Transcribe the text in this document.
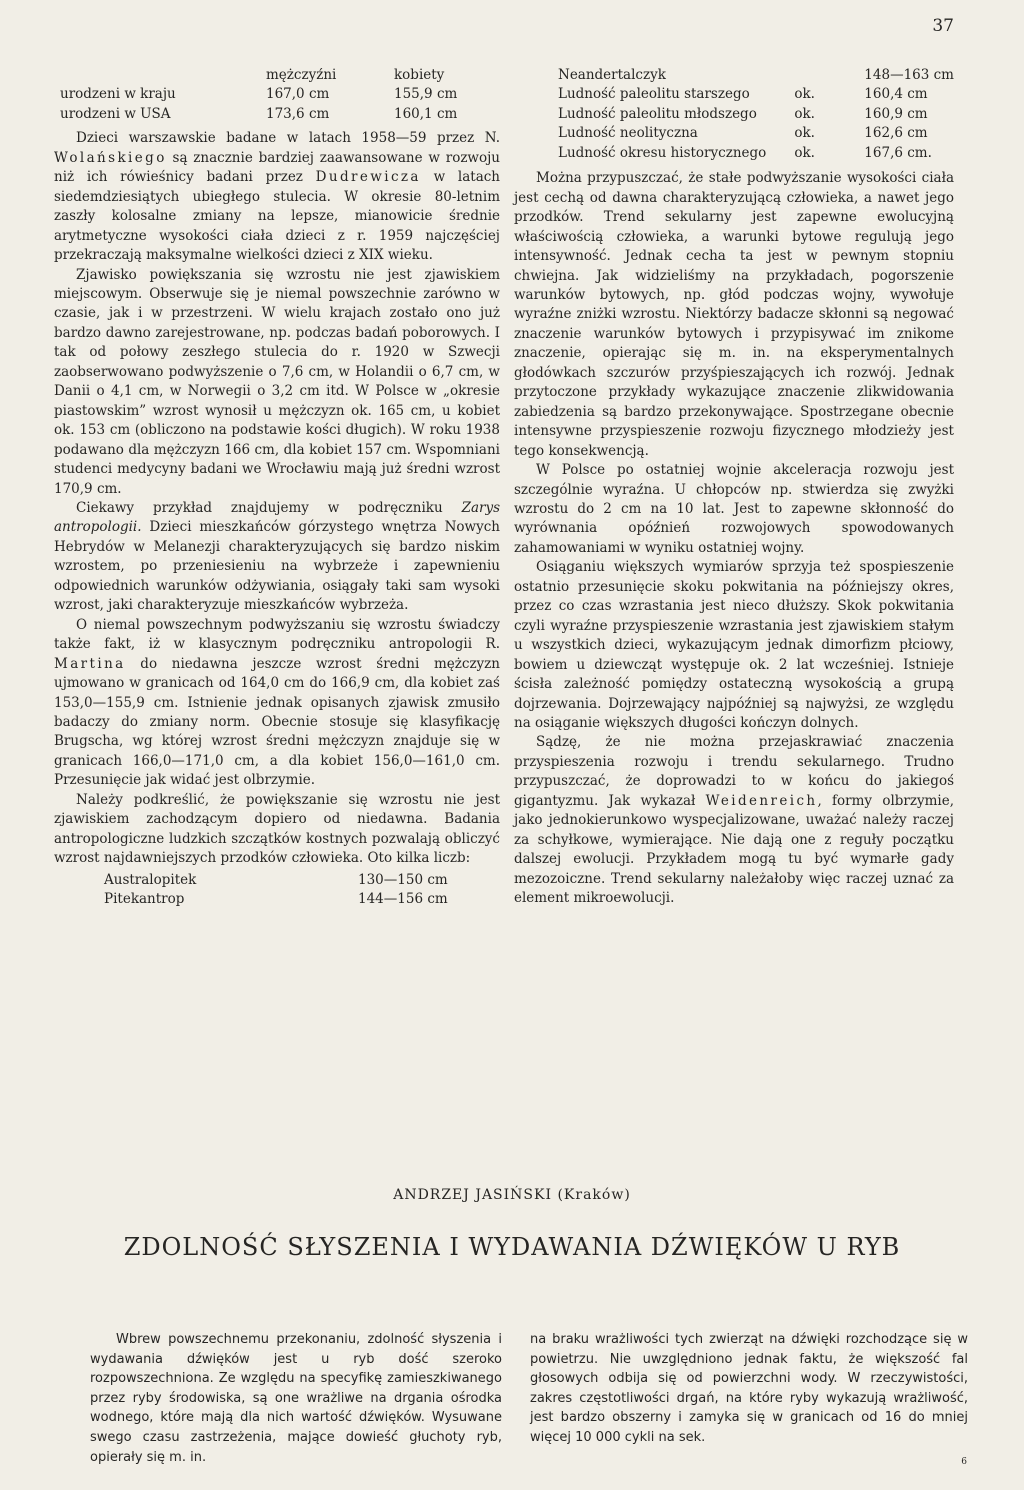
37
	mężczyźni	kobiety
urodzeni w kraju	167,0 cm	155,9 cm
urodzeni w USA	173,6 cm	160,1 cm

Dzieci warszawskie badane w latach 1958—59 przez N. Wolańskiego są znacznie bardziej zaawansowane w rozwoju niż ich rówieśnicy badani przez Dudrewicza w latach siedemdziesiątych ubiegłego stulecia. W okresie 80-letnim zaszły kolosalne zmiany na lepsze, mianowicie średnie arytmetyczne wysokości ciała dzieci z r. 1959 najczęściej przekraczają maksymalne wielkości dzieci z XIX wieku.

Zjawisko powiększania się wzrostu nie jest zjawiskiem miejscowym. Obserwuje się je niemal powszechnie zarówno w czasie, jak i w przestrzeni. W wielu krajach zostało ono już bardzo dawno zarejestrowane, np. podczas badań poborowych. I tak od połowy zeszłego stulecia do r. 1920 w Szwecji zaobserwowano podwyższenie o 7,6 cm, w Holandii o 6,7 cm, w Danii o 4,1 cm, w Norwegii o 3,2 cm itd. W Polsce w „okresie piastowskim” wzrost wynosił u mężczyzn ok. 165 cm, u kobiet ok. 153 cm (obliczono na podstawie kości długich). W roku 1938 podawano dla mężczyzn 166 cm, dla kobiet 157 cm. Wspomniani studenci medycyny badani we Wrocławiu mają już średni wzrost 170,9 cm.

Ciekawy przykład znajdujemy w podręczniku Zarys antropologii. Dzieci mieszkańców górzystego wnętrza Nowych Hebrydów w Melanezji charakteryzujących się bardzo niskim wzrostem, po przeniesieniu na wybrzeże i zapewnieniu odpowiednich warunków odżywiania, osiągały taki sam wysoki wzrost, jaki charakteryzuje mieszkańców wybrzeża.

O niemal powszechnym podwyższaniu się wzrostu świadczy także fakt, iż w klasycznym podręczniku antropologii R. Martina do niedawna jeszcze wzrost średni mężczyzn ujmowano w granicach od 164,0 cm do 166,9 cm, dla kobiet zaś 153,0—155,9 cm. Istnienie jednak opisanych zjawisk zmusiło badaczy do zmiany norm. Obecnie stosuje się klasyfikację Brugscha, wg której wzrost średni mężczyzn znajduje się w granicach 166,0—171,0 cm, a dla kobiet 156,0—161,0 cm. Przesunięcie jak widać jest olbrzymie.

Należy podkreślić, że powiększanie się wzrostu nie jest zjawiskiem zachodzącym dopiero od niedawna. Badania antropologiczne ludzkich szczątków kostnych pozwalają obliczyć wzrost najdawniejszych przodków człowieka. Oto kilka liczb:

Australopitek	130—150 cm
Pitekantrop	144—156 cm
Neandertalczyk		148—163 cm
Ludność paleolitu starszego	ok.	160,4 cm
Ludność paleolitu młodszego	ok.	160,9 cm
Ludność neolityczna	ok.	162,6 cm
Ludność okresu historycznego	ok.	167,6 cm.

Można przypuszczać, że stałe podwyższanie wysokości ciała jest cechą od dawna charakteryzującą człowieka, a nawet jego przodków. Trend sekularny jest zapewne ewolucyjną właściwością człowieka, a warunki bytowe regulują jego intensywność. Jednak cecha ta jest w pewnym stopniu chwiejna. Jak widzieliśmy na przykładach, pogorszenie warunków bytowych, np. głód podczas wojny, wywołuje wyraźne zniżki wzrostu. Niektórzy badacze skłonni są negować znaczenie warunków bytowych i przypisywać im znikome znaczenie, opierając się m. in. na eksperymentalnych głodówkach szczurów przyśpieszających ich rozwój. Jednak przytoczone przykłady wykazujące znaczenie zlikwidowania zabiedzenia są bardzo przekonywające. Spostrzegane obecnie intensywne przyspieszenie rozwoju fizycznego młodzieży jest tego konsekwencją.

W Polsce po ostatniej wojnie akceleracja rozwoju jest szczególnie wyraźna. U chłopców np. stwierdza się zwyżki wzrostu do 2 cm na 10 lat. Jest to zapewne skłonność do wyrównania opóźnień rozwojowych spowodowanych zahamowaniami w wyniku ostatniej wojny.

Osiąganiu większych wymiarów sprzyja też spospieszenie ostatnio przesunięcie skoku pokwitania na późniejszy okres, przez co czas wzrastania jest nieco dłuższy. Skok pokwitania czyli wyraźne przyspieszenie wzrastania jest zjawiskiem stałym u wszystkich dzieci, wykazującym jednak dimorfizm płciowy, bowiem u dziewcząt występuje ok. 2 lat wcześniej. Istnieje ścisła zależność pomiędzy ostateczną wysokością a grupą dojrzewania. Dojrzewający najpóźniej są najwyżsi, ze względu na osiąganie większych długości kończyn dolnych.

Sądzę, że nie można przejaskrawiać znaczenia przyspieszenia rozwoju i trendu sekularnego. Trudno przypuszczać, że doprowadzi to w końcu do jakiegoś gigantyzmu. Jak wykazał Weidenreich, formy olbrzymie, jako jednokierunkowo wyspecjalizowane, uważać należy raczej za schyłkowe, wymierające. Nie dają one z reguły początku dalszej ewolucji. Przykładem mogą tu być wymarłe gady mezozoiczne. Trend sekularny należałoby więc raczej uznać za element mikroewolucji.

ANDRZEJ JASIŃSKI (Kraków)
ZDOLNOŚĆ SŁYSZENIA I WYDAWANIA DŹWIĘKÓW U RYB

Wbrew powszechnemu przekonaniu, zdolność słyszenia i wydawania dźwięków jest u ryb dość szeroko rozpowszechniona. Ze względu na specyfikę zamieszkiwanego przez ryby środowiska, są one wrażliwe na drgania ośrodka wodnego, które mają dla nich wartość dźwięków. Wysuwane swego czasu zastrzeżenia, mające dowieść głuchoty ryb, opierały się m. in.

na braku wrażliwości tych zwierząt na dźwięki rozchodzące się w powietrzu. Nie uwzględniono jednak faktu, że większość fal głosowych odbija się od powierzchni wody. W rzeczywistości, zakres częstotliwości drgań, na które ryby wykazują wrażliwość, jest bardzo obszerny i zamyka się w granicach od 16 do mniej więcej 10 000 cykli na sek.

6
